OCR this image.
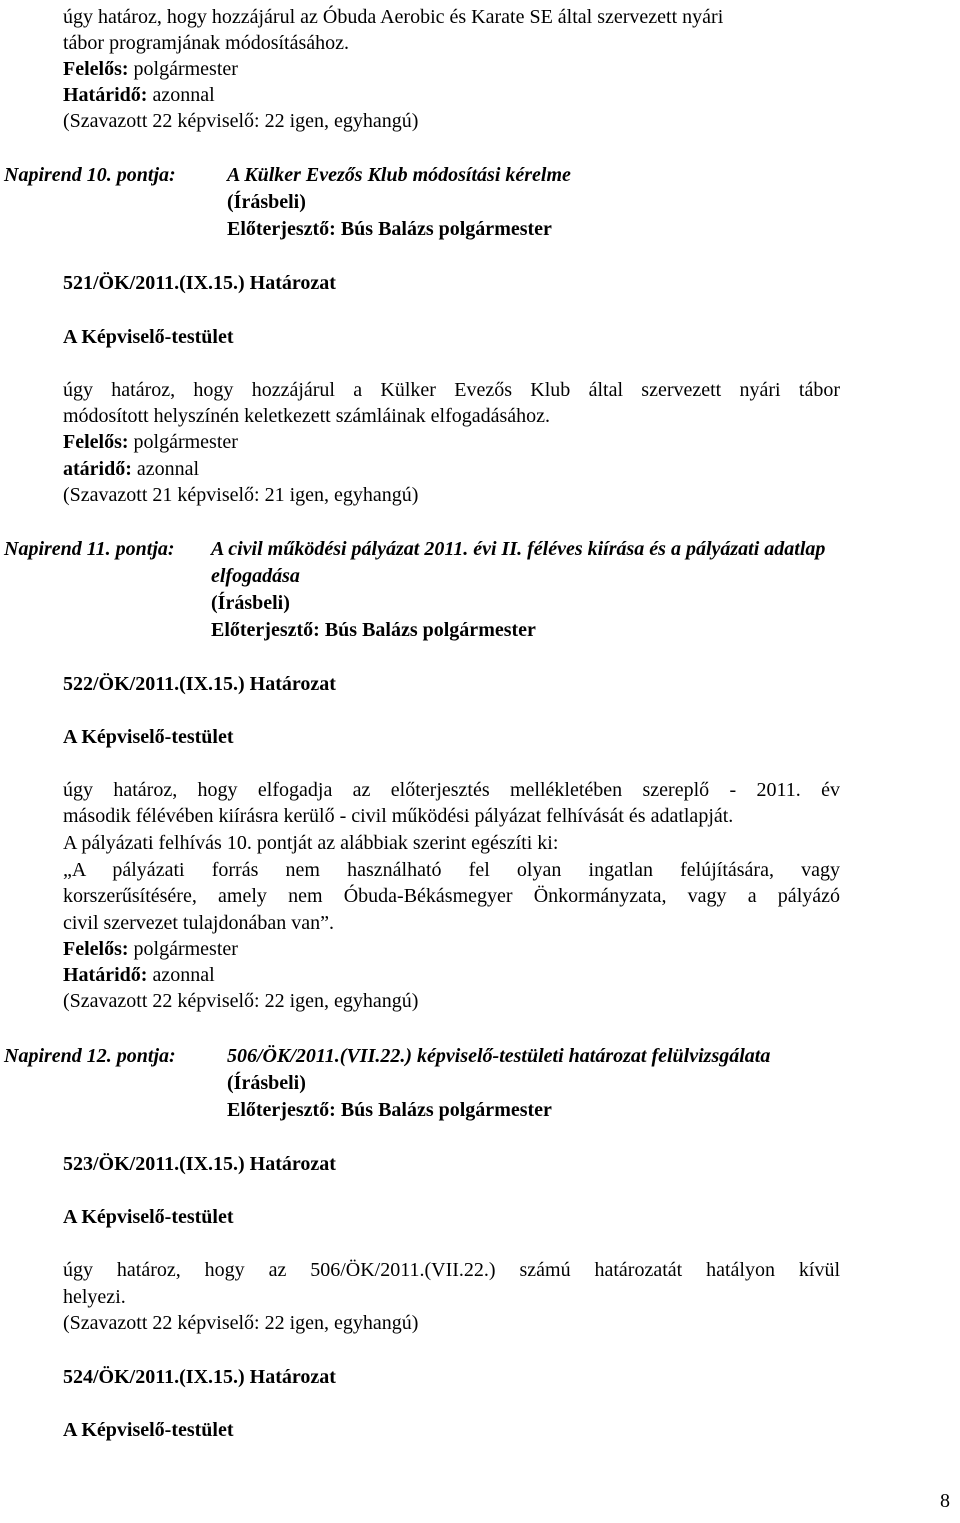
úgy határoz, hogy hozzájárul az Óbuda Aerobic és Karate SE által szervezett nyári
tábor programjának módosításához.
Felelős: polgármester
Határidő: azonnal
(Szavazott 22 képviselő: 22 igen, egyhangú)
Napirend 10. pontja:	A Külker Evezős Klub módosítási kérelme
(Írásbeli)
Előterjesztő: Bús Balázs polgármester
521/ÖK/2011.(IX.15.) Határozat
A Képviselő-testület
úgy határoz, hogy hozzájárul a Külker Evezős Klub által szervezett nyári tábor
módosított helyszínén keletkezett számláinak elfogadásához.
Felelős: polgármester
atáridő: azonnal
(Szavazott 21 képviselő: 21 igen, egyhangú)
Napirend 11. pontja: A civil működési pályázat 2011. évi II. féléves kiírása és a pályázati adatlap
elfogadása
(Írásbeli)
Előterjesztő: Bús Balázs polgármester
522/ÖK/2011.(IX.15.) Határozat
A Képviselő-testület
úgy határoz, hogy elfogadja az előterjesztés mellékletében szereplő - 2011. év
második félévében kiírásra kerülő - civil működési pályázat felhívását és adatlapját.
A pályázati felhívás 10. pontját az alábbiak szerint egészíti ki:
„A pályázati forrás nem használható fel olyan ingatlan felújítására, vagy
korszerűsítésére, amely nem Óbuda-Békásmegyer Önkormányzata, vagy a pályázó
civil szervezet tulajdonában van”.
Felelős: polgármester
Határidő: azonnal
(Szavazott 22 képviselő: 22 igen, egyhangú)
Napirend 12. pontja:	506/ÖK/2011.(VII.22.) képviselő-testületi határozat felülvizsgálata
(Írásbeli)
Előterjesztő: Bús Balázs polgármester
523/ÖK/2011.(IX.15.) Határozat
A Képviselő-testület
úgy határoz, hogy az 506/ÖK/2011.(VII.22.) számú határozatát hatályon kívül
helyezi.
(Szavazott 22 képviselő: 22 igen, egyhangú)
524/ÖK/2011.(IX.15.) Határozat
A Képviselő-testület
8
